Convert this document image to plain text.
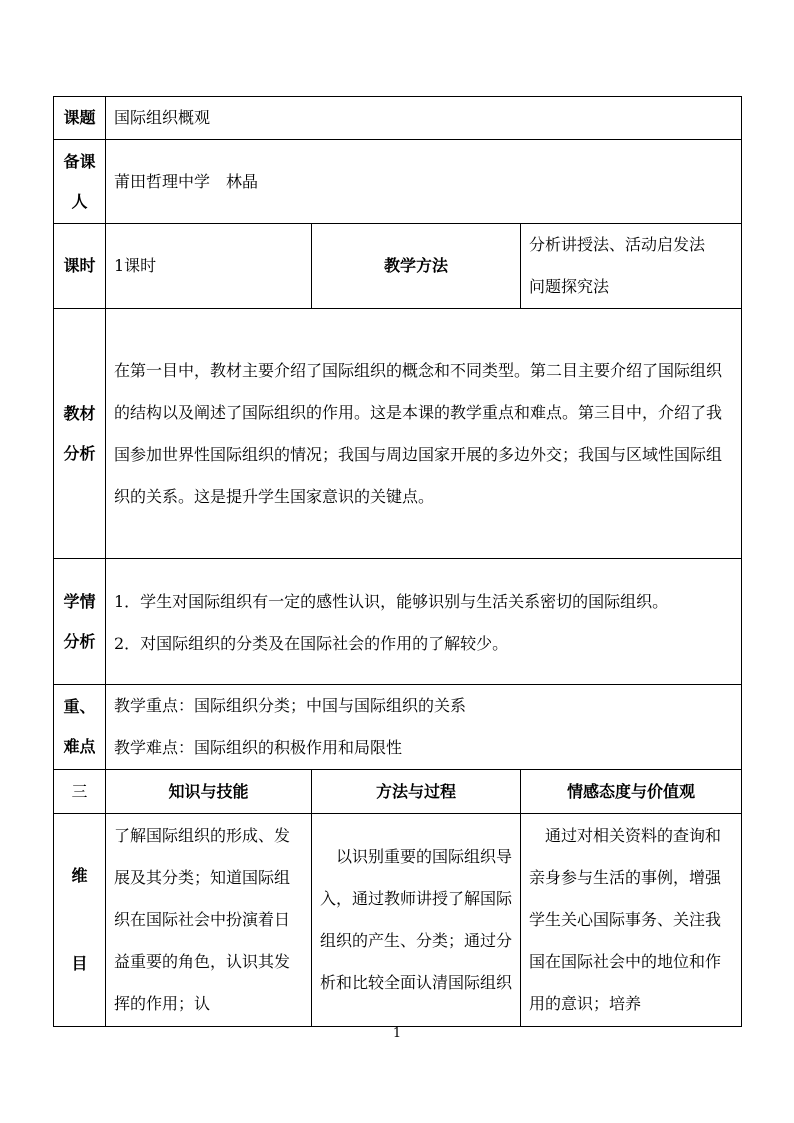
课题	国际组织概观		
备课人	莆田哲理中学　林晶		
课时	1课时	教学方法	分析讲授法、活动启发法
问题探究法

教材分析	在第一目中，教材主要介绍了国际组织的概念和不同类型。第二目主要介绍了国际组织的结构以及阐述了国际组织的作用。这是本课的教学重点和难点。第三目中，介绍了我国参加世界性国际组织的情况；我国与周边国家开展的多边外交；我国与区域性国际组织的关系。这是提升学生国家意识的关键点。		
学情分析	1．学生对国际组织有一定的感性认识，能够识别与生活关系密切的国际组织。
2．对国际组织的分类及在国际社会的作用的了解较少。		

重、难点	教学重点：国际组织分类；中国与国际组织的关系
教学难点：国际组织的积极作用和局限性		

三	知识与技能	方法与过程	情感态度与价值观

维
目	了解国际组织的形成、发展及其分类；知道国际组织在国际社会中扮演着日益重要的角色，认识其发挥的作用；认	　以识别重要的国际组织导入，通过教师讲授了解国际组织的产生、分类；通过分析和比较全面认清国际组织	　通过对相关资料的查询和亲身参与生活的事例，增强学生关心国际事务、关注我国在国际社会中的地位和作用的意识；培养
1
